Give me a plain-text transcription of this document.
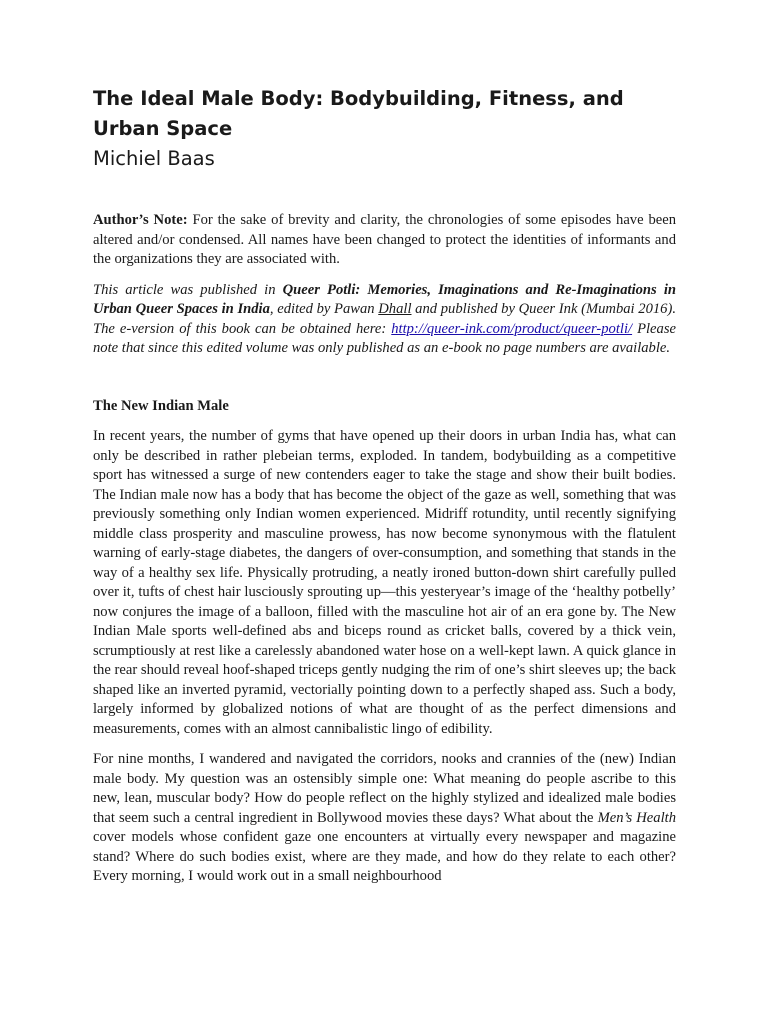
The Ideal Male Body: Bodybuilding, Fitness, and Urban Space

Michiel Baas

Author’s Note: For the sake of brevity and clarity, the chronologies of some episodes have been altered and/or condensed. All names have been changed to protect the identities of informants and the organizations they are associated with.

This article was published in Queer Potli: Memories, Imaginations and Re-Imaginations in Urban Queer Spaces in India, edited by Pawan Dhall and published by Queer Ink (Mumbai 2016). The e-version of this book can be obtained here: http://queer-ink.com/product/queer-potli/ Please note that since this edited volume was only published as an e-book no page numbers are available.

The New Indian Male

In recent years, the number of gyms that have opened up their doors in urban India has, what can only be described in rather plebeian terms, exploded. In tandem, bodybuilding as a competitive sport has witnessed a surge of new contenders eager to take the stage and show their built bodies. The Indian male now has a body that has become the object of the gaze as well, something that was previously something only Indian women experienced. Midriff rotundity, until recently signifying middle class prosperity and masculine prowess, has now become synonymous with the flatulent warning of early-stage diabetes, the dangers of over-consumption, and something that stands in the way of a healthy sex life. Physically protruding, a neatly ironed button-down shirt carefully pulled over it, tufts of chest hair lusciously sprouting up—this yesteryear’s image of the ‘healthy potbelly’ now conjures the image of a balloon, filled with the masculine hot air of an era gone by. The New Indian Male sports well-defined abs and biceps round as cricket balls, covered by a thick vein, scrumptiously at rest like a carelessly abandoned water hose on a well-kept lawn. A quick glance in the rear should reveal hoof-shaped triceps gently nudging the rim of one’s shirt sleeves up; the back shaped like an inverted pyramid, vectorially pointing down to a perfectly shaped ass. Such a body, largely informed by globalized notions of what are thought of as the perfect dimensions and measurements, comes with an almost cannibalistic lingo of edibility.

For nine months, I wandered and navigated the corridors, nooks and crannies of the (new) Indian male body. My question was an ostensibly simple one: What meaning do people ascribe to this new, lean, muscular body? How do people reflect on the highly stylized and idealized male bodies that seem such a central ingredient in Bollywood movies these days? What about the Men’s Health cover models whose confident gaze one encounters at virtually every newspaper and magazine stand? Where do such bodies exist, where are they made, and how do they relate to each other? Every morning, I would work out in a small neighbourhood
